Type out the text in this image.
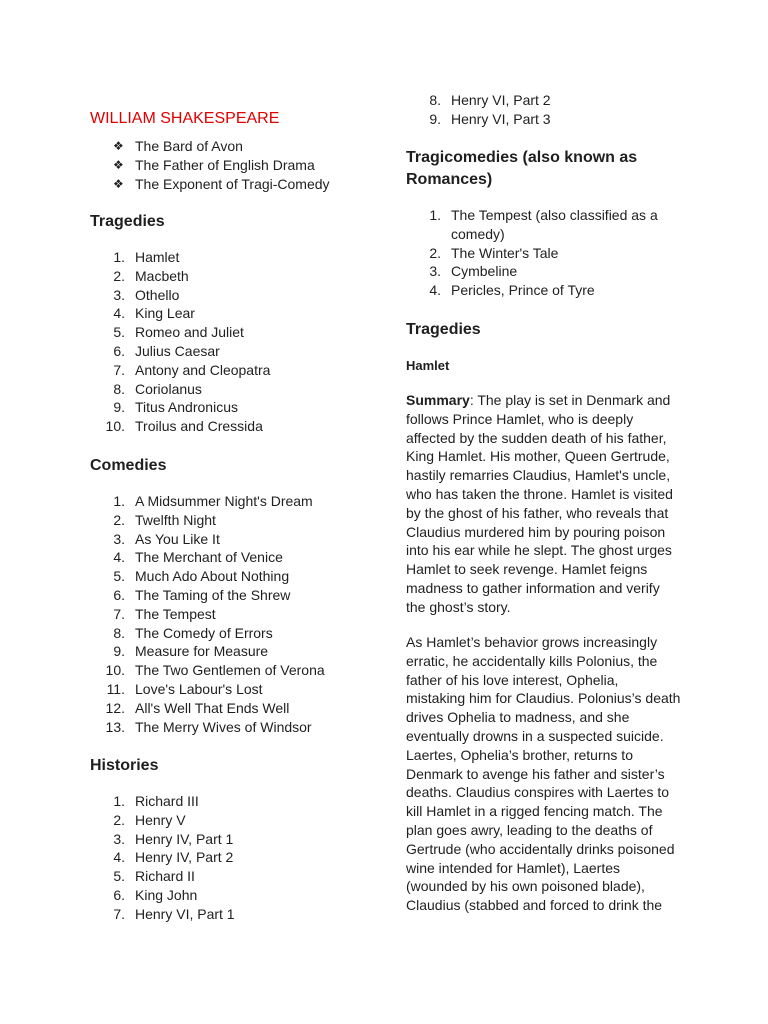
WILLIAM SHAKESPEARE
❖ The Bard of Avon
❖ The Father of English Drama
❖ The Exponent of Tragi-Comedy
Tragedies
1. Hamlet
2. Macbeth
3. Othello
4. King Lear
5. Romeo and Juliet
6. Julius Caesar
7. Antony and Cleopatra
8. Coriolanus
9. Titus Andronicus
10. Troilus and Cressida
Comedies
1. A Midsummer Night's Dream
2. Twelfth Night
3. As You Like It
4. The Merchant of Venice
5. Much Ado About Nothing
6. The Taming of the Shrew
7. The Tempest
8. The Comedy of Errors
9. Measure for Measure
10. The Two Gentlemen of Verona
11. Love's Labour's Lost
12. All's Well That Ends Well
13. The Merry Wives of Windsor
Histories
1. Richard III
2. Henry V
3. Henry IV, Part 1
4. Henry IV, Part 2
5. Richard II
6. King John
7. Henry VI, Part 1
8. Henry VI, Part 2
9. Henry VI, Part 3
Tragicomedies (also known as Romances)
1. The Tempest (also classified as a comedy)
2. The Winter's Tale
3. Cymbeline
4. Pericles, Prince of Tyre
Tragedies
Hamlet

Summary: The play is set in Denmark and follows Prince Hamlet, who is deeply affected by the sudden death of his father, King Hamlet. His mother, Queen Gertrude, hastily remarries Claudius, Hamlet's uncle, who has taken the throne. Hamlet is visited by the ghost of his father, who reveals that Claudius murdered him by pouring poison into his ear while he slept. The ghost urges Hamlet to seek revenge. Hamlet feigns madness to gather information and verify the ghost’s story.

As Hamlet’s behavior grows increasingly erratic, he accidentally kills Polonius, the father of his love interest, Ophelia, mistaking him for Claudius. Polonius’s death drives Ophelia to madness, and she eventually drowns in a suspected suicide. Laertes, Ophelia’s brother, returns to Denmark to avenge his father and sister’s deaths. Claudius conspires with Laertes to kill Hamlet in a rigged fencing match. The plan goes awry, leading to the deaths of Gertrude (who accidentally drinks poisoned wine intended for Hamlet), Laertes (wounded by his own poisoned blade), Claudius (stabbed and forced to drink the
